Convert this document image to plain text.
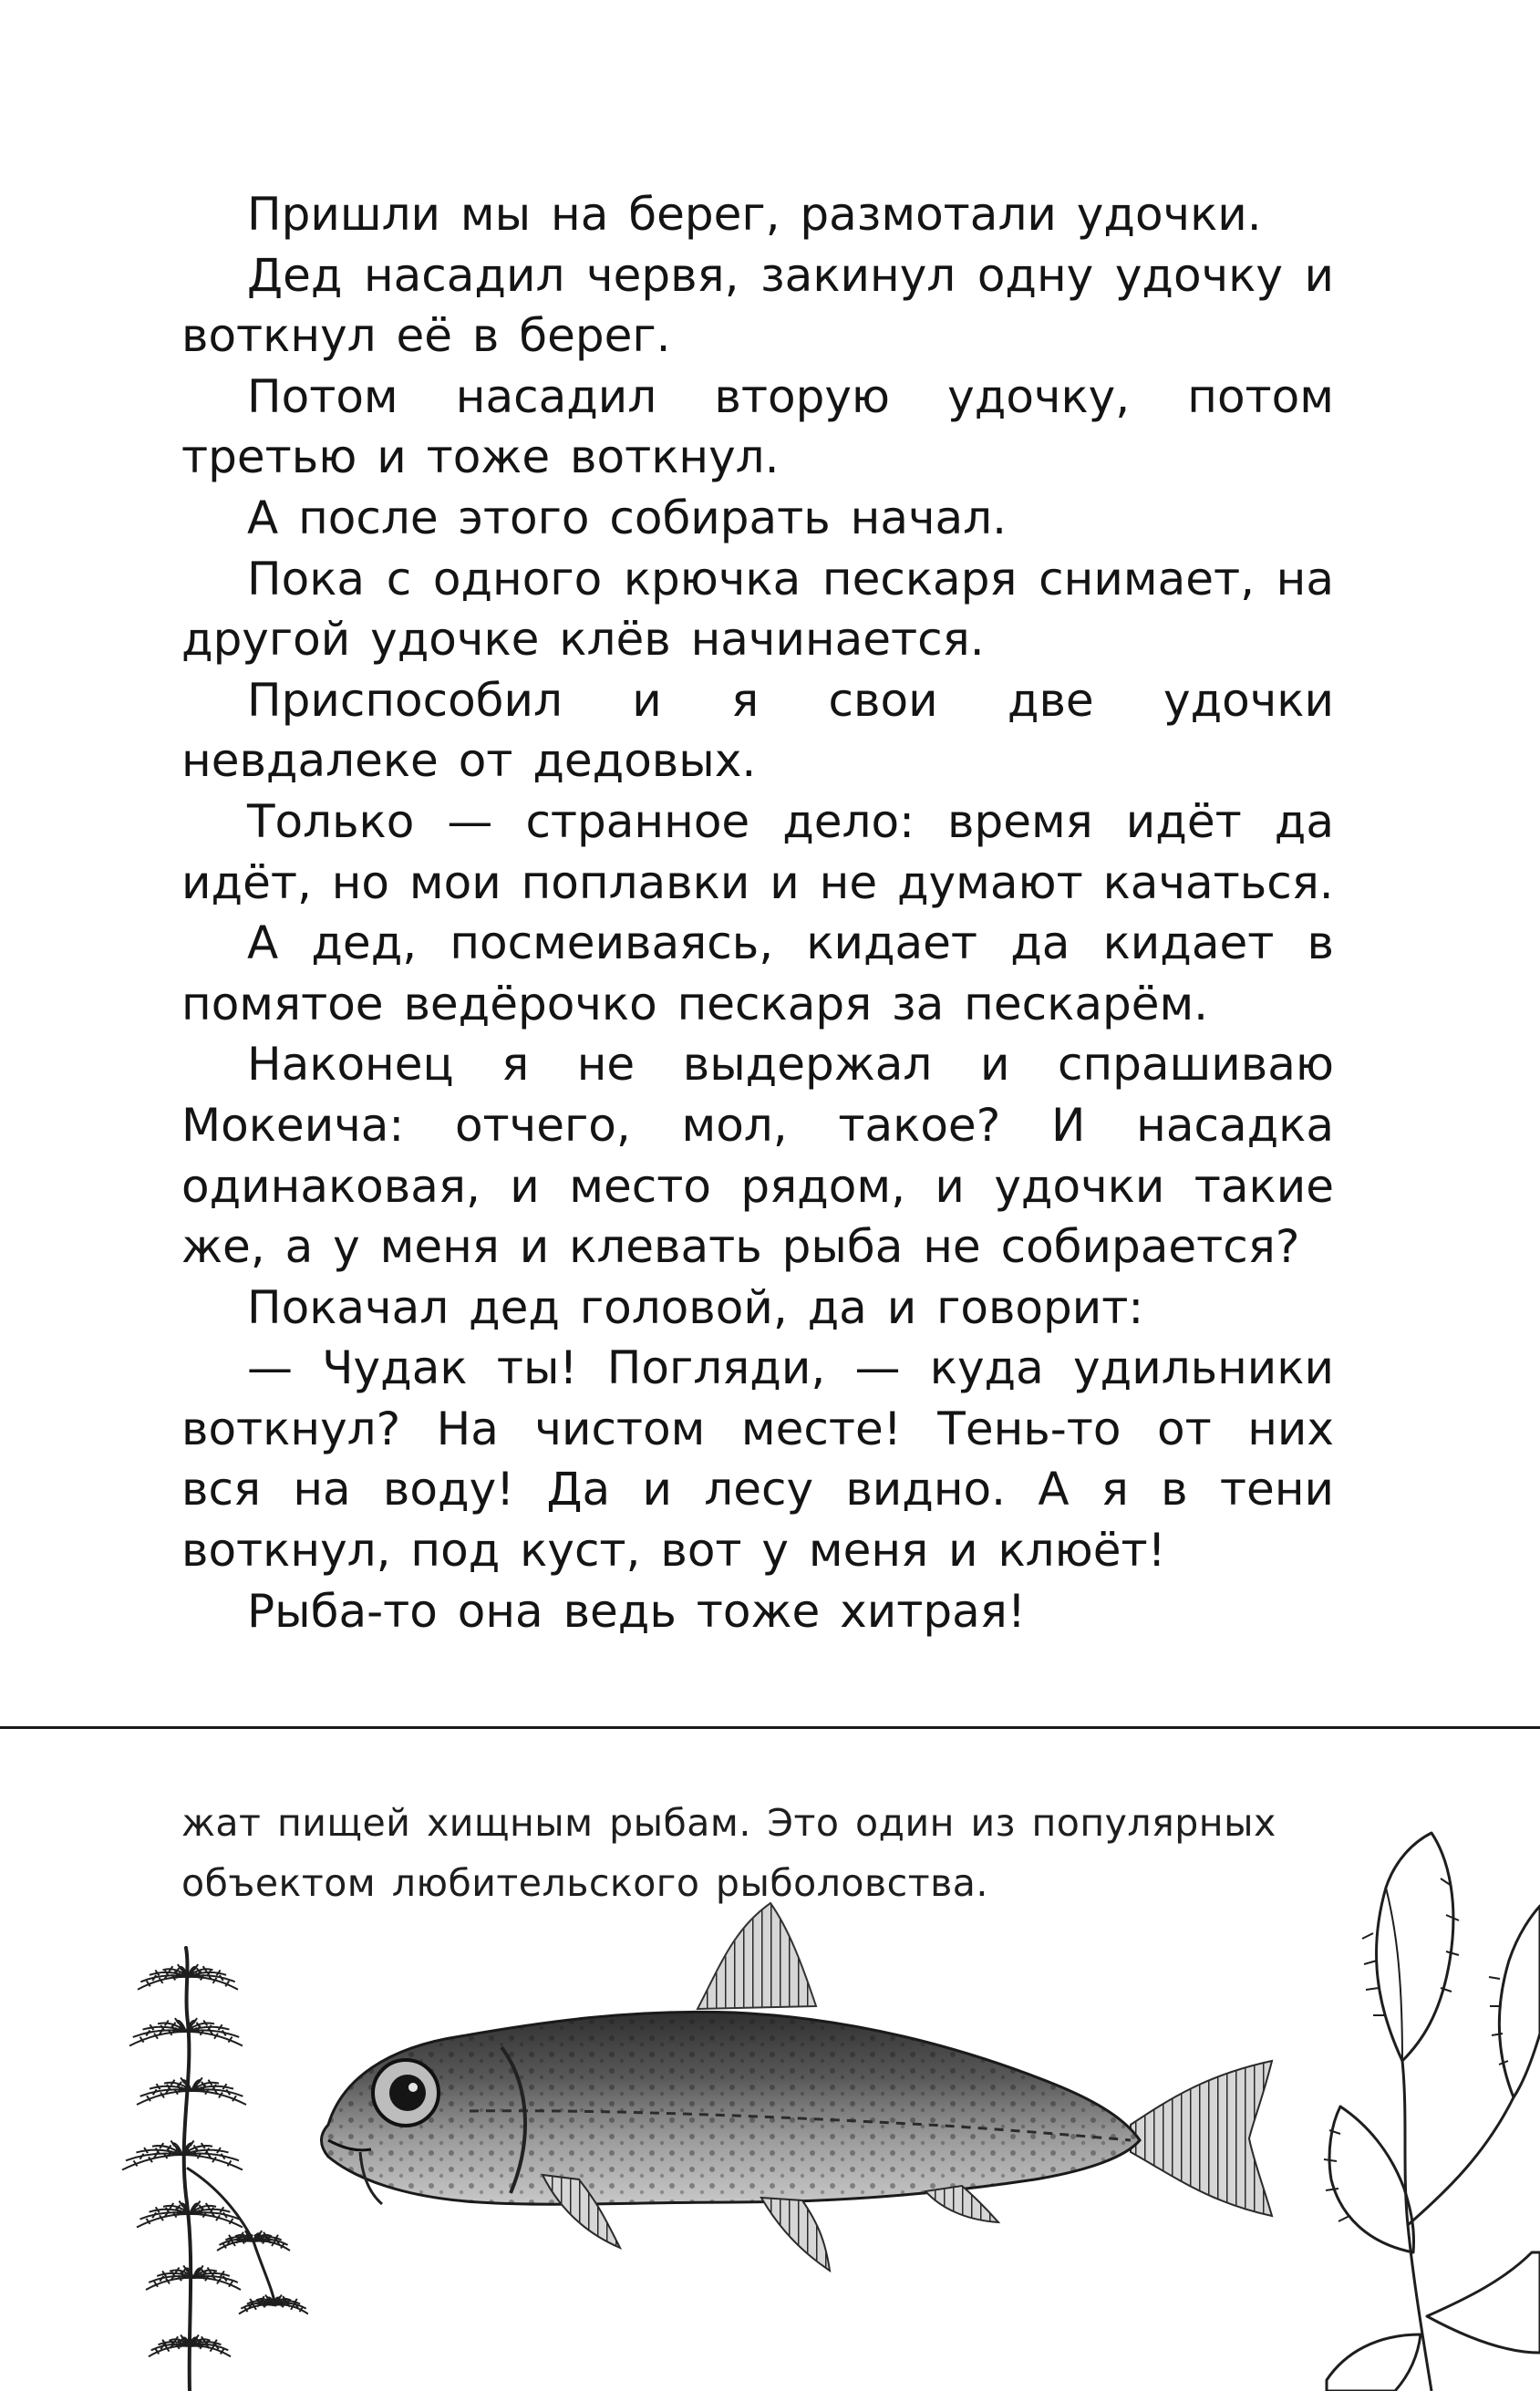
Пришли мы на берег, размотали удочки.

Дед насадил червя, закинул одну удочку и воткнул её в берег.

Потом насадил вторую удочку, потом третью и тоже воткнул.

А после этого собирать начал.

Пока с одного крючка пескаря снимает, на другой удочке клёв начинается.

Приспособил и я свои две удочки невдалеке от дедовых.

Только — странное дело: время идёт да идёт, но мои поплавки и не думают качаться.

А дед, посмеиваясь, кидает да кидает в помятое ведёрочко пескаря за пескарём.

Наконец я не выдержал и спрашиваю Мокеича: отчего, мол, такое? И насадка одинаковая, и место рядом, и удочки такие же, а у меня и клевать рыба не собирается?

Покачал дед головой, да и говорит:

— Чудак ты! Погляди, — куда удильники воткнул? На чистом месте! Тень-то от них вся на воду! Да и лесу видно. А я в тени воткнул, под куст, вот у меня и клюёт!

Рыба-то она ведь тоже хитрая!

жат пищей хищным рыбам. Это один из популярных

объектом любительского рыболовства.
